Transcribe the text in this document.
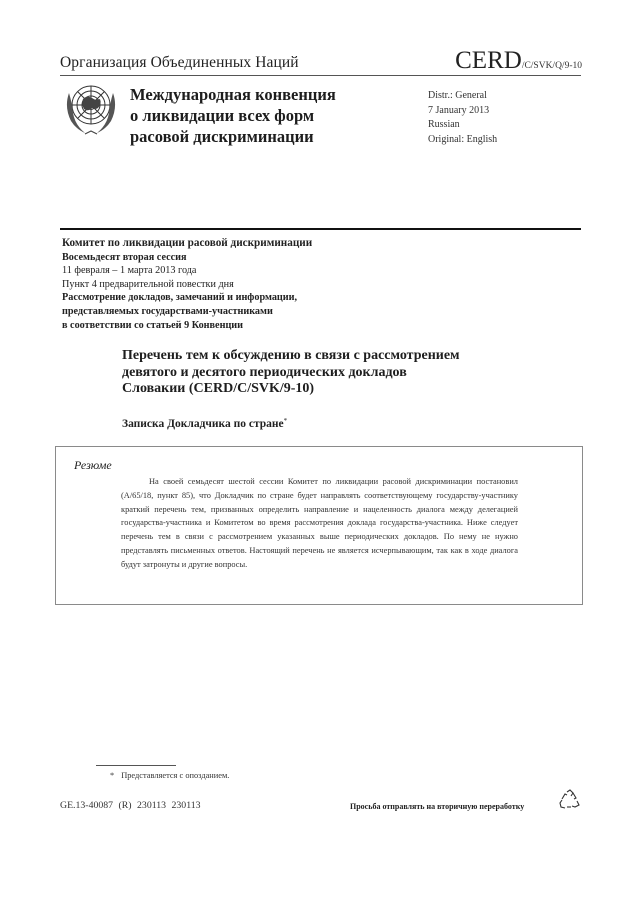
Организация Объединенных Наций	CERD/C/SVK/Q/9-10
Международная конвенция
о ликвидации всех форм
расовой дискриминации
Distr.: General
7 January 2013
Russian
Original: English
Комитет по ликвидации расовой дискриминации
Восемьдесят вторая сессия
11 февраля – 1 марта 2013 года
Пункт 4 предварительной повестки дня
Рассмотрение докладов, замечаний и информации,
представляемых государствами-участниками
в соответствии со статьей 9 Конвенции
Перечень тем к обсуждению в связи с рассмотрением
девятого и десятого периодических докладов
Словакии (CERD/C/SVK/9-10)
Записка Докладчика по стране*
Резюме
На своей семьдесят шестой сессии Комитет по ликвидации расовой дискриминации постановил (A/65/18, пункт 85), что Докладчик по стране будет направлять соответствующему государству-участнику краткий перечень тем, призванных определить направление и нацеленность диалога между делегацией государства-участника и Комитетом во время рассмотрения доклада государства-участника. Ниже следует перечень тем в связи с рассмотрением указанных выше периодических докладов. По нему не нужно представлять письменных ответов. Настоящий перечень не является исчерпывающим, так как в ходе диалога будут затронуты и другие вопросы.
* Представляется с опозданием.
GE.13-40087 (R) 230113 230113	Просьба отправлять на вторичную переработку
